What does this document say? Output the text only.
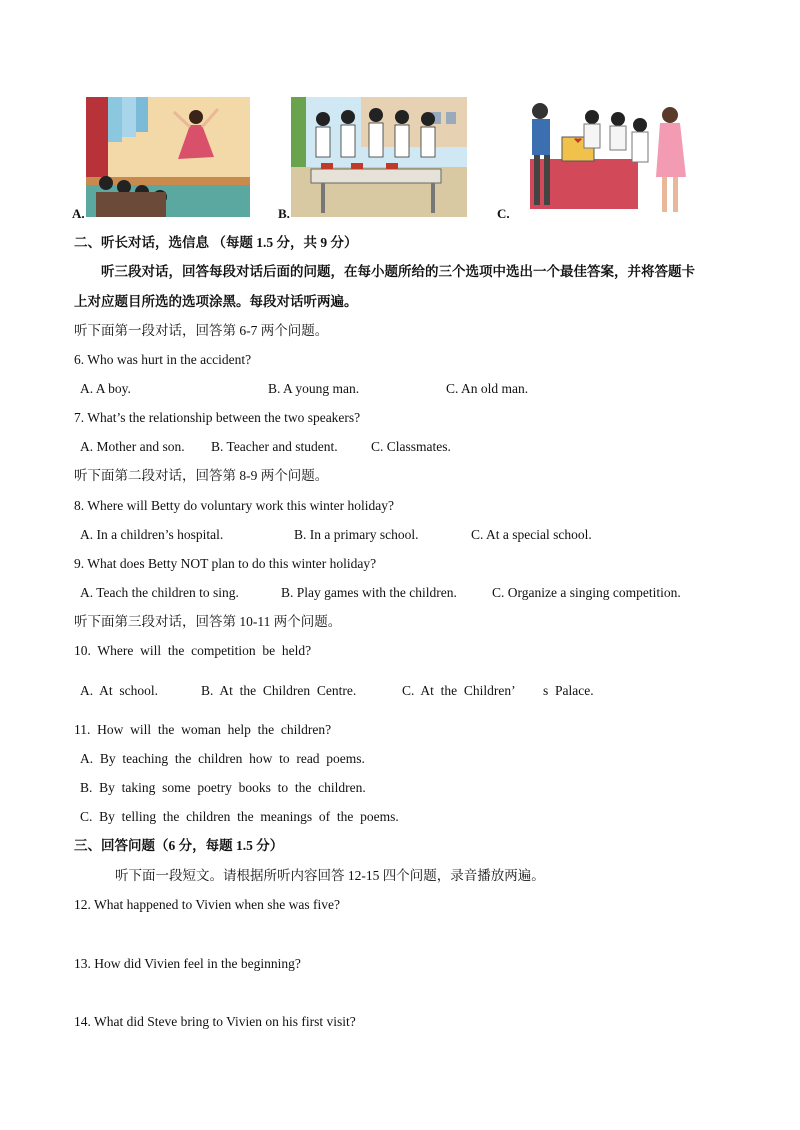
A.	B.	C.
二、听长对话，选信息 （每题 1.5 分，共 9 分）
听三段对话，回答每段对话后面的问题，在每小题所给的三个选项中选出一个最佳答案，并将答题卡
上对应题目所选的选项涂黑。每段对话听两遍。
听下面第一段对话，回答第 6-7 两个问题。
6. Who was hurt in the accident?
A. A boy.	B. A young man.	C. An old man.
7. What’s the relationship between the two speakers?
A. Mother and son. B. Teacher and student. C. Classmates.
听下面第二段对话，回答第 8-9 两个问题。
8. Where will Betty do voluntary work this winter holiday?
A. In a children’s hospital.	B. In a primary school.	C. At a special school.
9. What does Betty NOT plan to do this winter holiday?
A. Teach the children to sing.	B. Play games with the children.	C. Organize a singing competition.
听下面第三段对话，回答第 10-11 两个问题。
10.  Where  will  the  competition  be  held?
A.  At  school.	B.  At  the  Children  Centre.	C.  At  the  Children’ s  Palace.
11.  How  will  the  woman  help  the  children?
A.  By  teaching  the  children  how  to  read  poems.
B.  By  taking  some  poetry  books  to  the  children.
C.  By  telling  the  children  the  meanings  of  the  poems.
三、回答问题（6 分，每题 1.5 分）
听下面一段短文。请根据所听内容回答 12-15 四个问题，录音播放两遍。
12. What happened to Vivien when she was five?
13. How did Vivien feel in the beginning?
14. What did Steve bring to Vivien on his first visit?
